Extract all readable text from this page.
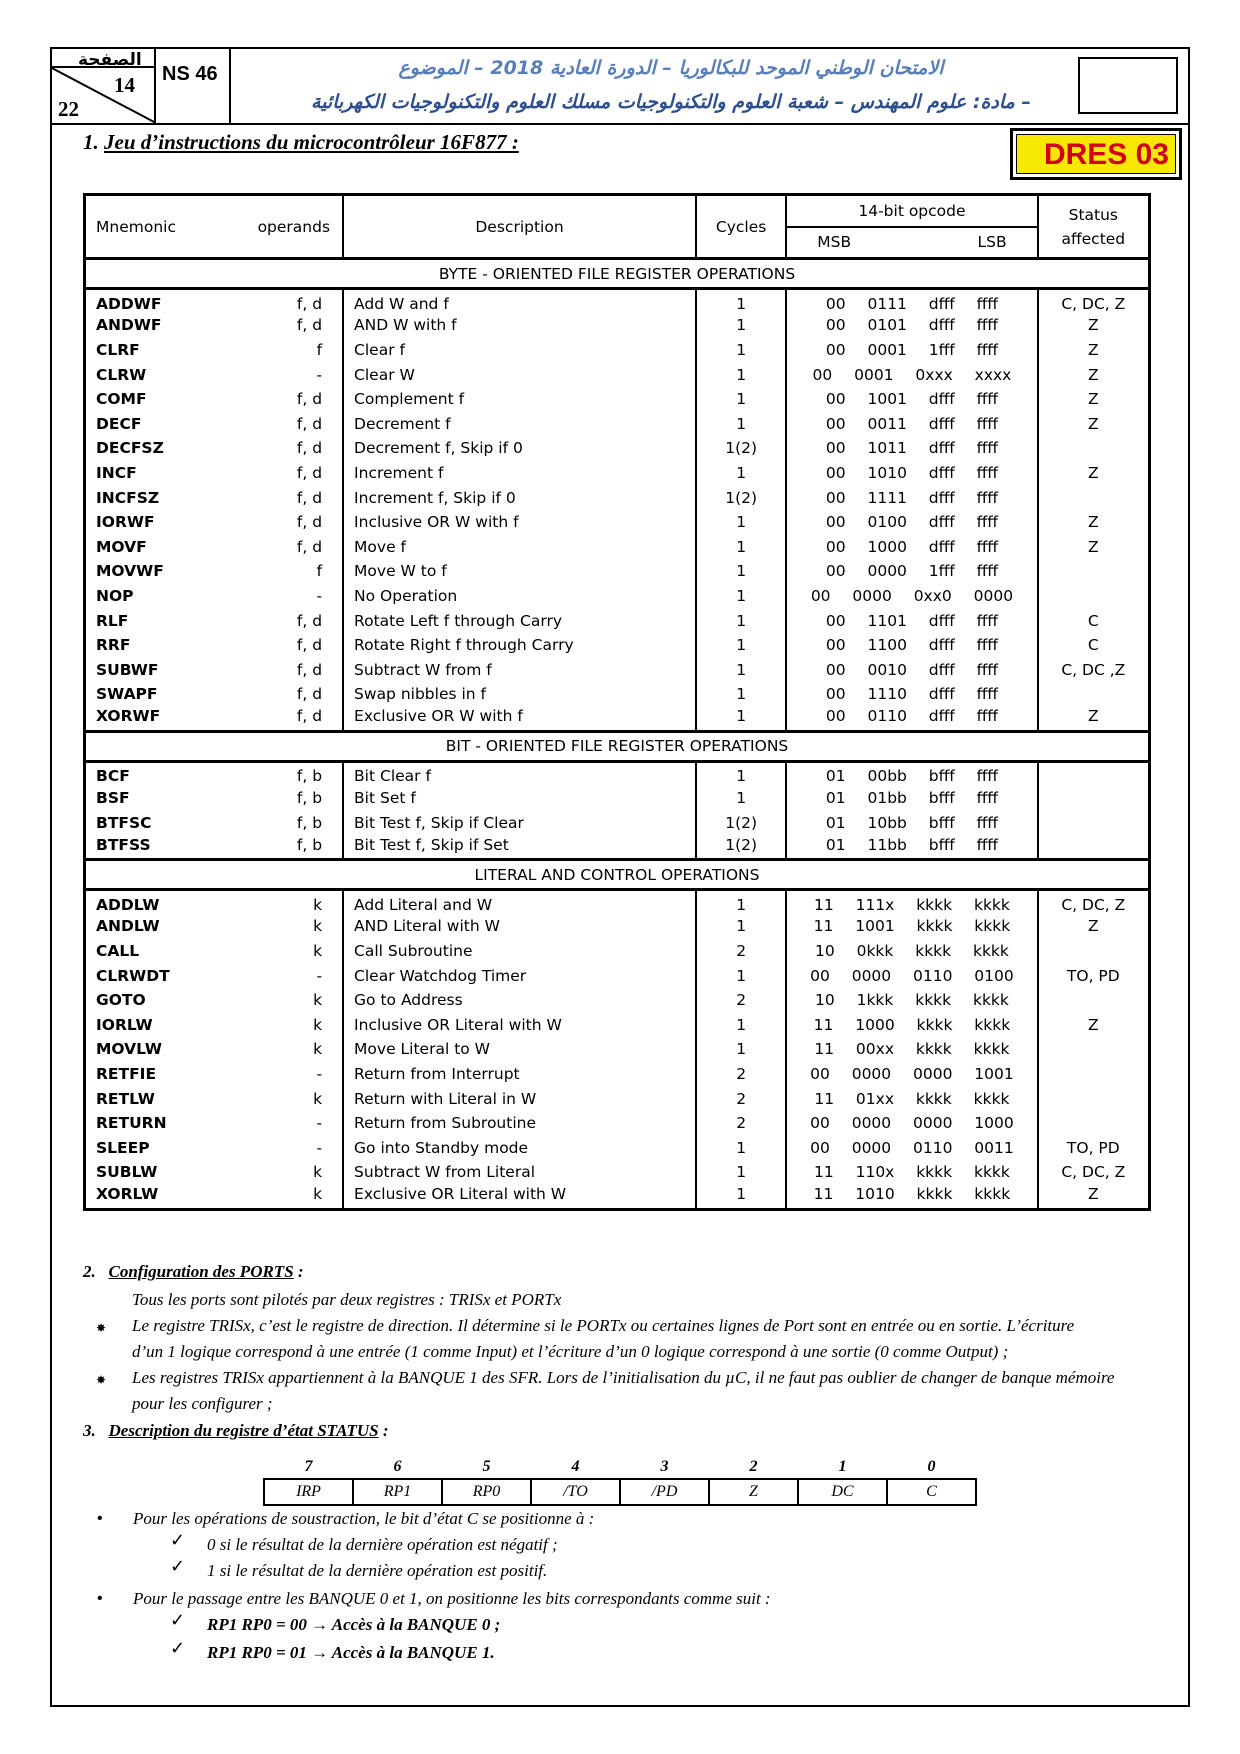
الصفحة
14
22
NS 46	الامتحان الوطني الموحد للبكالوريا – الدورة العادية 2018 – الموضوع
– مادة: علوم المهندس – شعبة العلوم والتكنولوجيات مسلك العلوم والتكنولوجيات الكهربائية
1. Jeu d’instructions du microcontrôleur 16F877 :	DRES 03
Mnemonic	operands	Description	Cycles	14-bit opcode	Status affected

				MSB LSB	

BYTE - ORIENTED FILE REGISTER OPERATIONS					
ADDWF	f, d	Add W and f	1	00  0111  dfff  ffff	C, DC, Z
ANDWF	f, d	AND W with f	1	00  0101  dfff  ffff	Z
CLRF	f	Clear f	1	00  0001  1fff  ffff	Z
CLRW	-	Clear W	1	00  0001  0xxx  xxxx	Z
COMF	f, d	Complement f	1	00  1001  dfff  ffff	Z
DECF	f, d	Decrement f	1	00  0011  dfff  ffff	Z
DECFSZ	f, d	Decrement f, Skip if 0	1(2)	00  1011  dfff  ffff	
INCF	f, d	Increment f	1	00  1010  dfff  ffff	Z
INCFSZ	f, d	Increment f, Skip if 0	1(2)	00  1111  dfff  ffff	
IORWF	f, d	Inclusive OR W with f	1	00  0100  dfff  ffff	Z
MOVF	f, d	Move f	1	00  1000  dfff  ffff	Z
MOVWF	f	Move W to f	1	00  0000  1fff  ffff	
NOP	-	No Operation	1	00  0000  0xx0  0000	
RLF	f, d	Rotate Left f through Carry	1	00  1101  dfff  ffff	C
RRF	f, d	Rotate Right f through Carry	1	00  1100  dfff  ffff	C
SUBWF	f, d	Subtract W from f	1	00  0010  dfff  ffff	C, DC ,Z
SWAPF	f, d	Swap nibbles in f	1	00  1110  dfff  ffff	
XORWF	f, d	Exclusive OR W with f	1	00  0110  dfff  ffff	Z
BIT - ORIENTED FILE REGISTER OPERATIONS					
BCF	f, b	Bit Clear f	1	01  00bb  bfff  ffff	
BSF	f, b	Bit Set f	1	01  01bb  bfff  ffff	
BTFSC	f, b	Bit Test f, Skip if Clear	1(2)	01  10bb  bfff  ffff	
BTFSS	f, b	Bit Test f, Skip if Set	1(2)	01  11bb  bfff  ffff	
LITERAL AND CONTROL OPERATIONS					
ADDLW	k	Add Literal and W	1	11  111x  kkkk  kkkk	C, DC, Z
ANDLW	k	AND Literal with W	1	11  1001  kkkk  kkkk	Z
CALL	k	Call Subroutine	2	10  0kkk  kkkk  kkkk	
CLRWDT	-	Clear Watchdog Timer	1	00  0000  0110  0100	TO, PD
GOTO	k	Go to Address	2	10  1kkk  kkkk  kkkk	
IORLW	k	Inclusive OR Literal with W	1	11  1000  kkkk  kkkk	Z
MOVLW	k	Move Literal to W	1	11  00xx  kkkk  kkkk	
RETFIE	-	Return from Interrupt	2	00  0000  0000  1001	
RETLW	k	Return with Literal in W	2	11  01xx  kkkk  kkkk	
RETURN	-	Return from Subroutine	2	00  0000  0000  1000	
SLEEP	-	Go into Standby mode	1	00  0000  0110  0011	TO, PD
SUBLW	k	Subtract W from Literal	1	11  110x  kkkk  kkkk	C, DC, Z
XORLW	k	Exclusive OR Literal with W	1	11  1010  kkkk  kkkk	Z
2. Configuration des PORTS :
Tous les ports sont pilotés par deux registres : TRISx et PORTx
✸ Le registre TRISx, c’est le registre de direction. Il détermine si le PORTx ou certaines lignes de Port sont en entrée ou en sortie. L’écriture
d’un 1 logique correspond à une entrée (1 comme Input) et l’écriture d’un 0 logique correspond à une sortie (0 comme Output) ;
✸ Les registres TRISx appartiennent à la BANQUE 1 des SFR. Lors de l’initialisation du µC, il ne faut pas oublier de changer de banque mémoire
pour les configurer ;
3. Description du registre d’état STATUS :
7	6	5	4	3	2	1	0
IRP	RP1	RP0	/TO	/PD	Z	DC	C
• Pour les opérations de soustraction, le bit d’état C se positionne à :
✓ 0 si le résultat de la dernière opération est négatif ;
✓ 1 si le résultat de la dernière opération est positif.
• Pour le passage entre les BANQUE 0 et 1, on positionne les bits correspondants comme suit :
✓ RP1 RP0 = 00 → Accès à la BANQUE 0 ;
✓ RP1 RP0 = 01 → Accès à la BANQUE 1.
